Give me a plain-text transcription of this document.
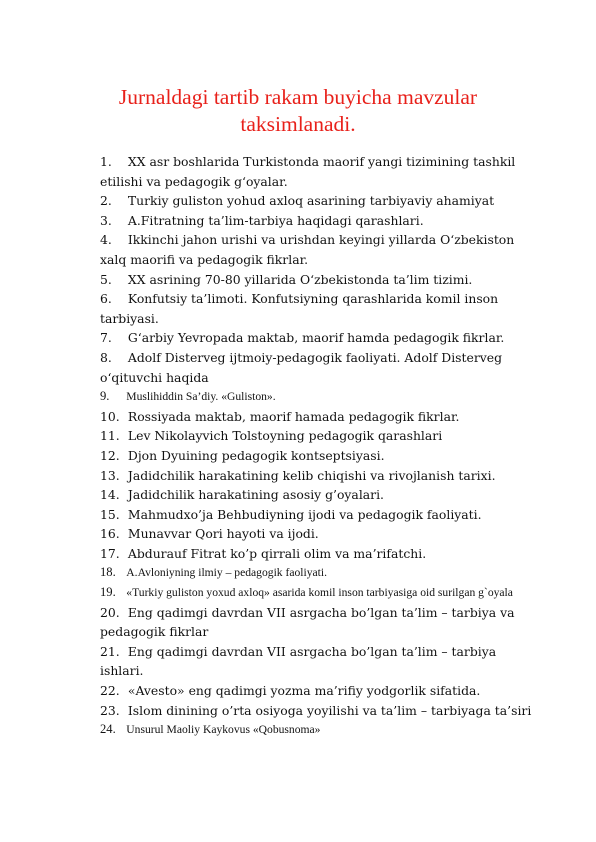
Jurnaldagi tartib rakam buyicha mavzular taksimlanadi.
1. XX asr boshlarida Turkistonda maorif yangi tizimining tashkil etilishi va pedagogik g‘oyalar.
2. Turkiy guliston yohud axloq asarining tarbiyaviy ahamiyat
3. A.Fitratning ta’lim-tarbiya haqidagi qarashlari.
4. Ikkinchi jahon urishi va urishdan keyingi yillarda O‘zbekiston xalq maorifi va pedagogik fikrlar.
5. XX asrining 70-80 yillarida O‘zbekistonda ta’lim tizimi.
6. Konfutsiy ta’limoti. Konfutsiyning qarashlarida komil inson tarbiyasi.
7. G‘arbiy Yevropada maktab, maorif hamda pedagogik fikrlar.
8. Adolf Disterveg ijtmoiy-pedagogik faoliyati. Adolf Disterveg o‘qituvchi haqida
9. Muslihiddin Sa’diy. «Guliston».
10. Rossiyada maktab, maorif hamada pedagogik fikrlar.
11. Lev Nikolayvich Tolstoyning pedagogik qarashlari
12. Djon Dyuining pedagogik kontseptsiyasi.
13. Jadidchilik harakatining kelib chiqishi va rivojlanish tarixi.
14. Jadidchilik harakatining asosiy g’oyalari.
15. Mahmudxo’ja Behbudiyning ijodi va pedagogik faoliyati.
16. Munavvar Qori hayoti va ijodi.
17. Abdurauf Fitrat ko’p qirrali olim va ma’rifatchi.
18. A.Avloniyning ilmiy – pedagogik faoliyati.
19. «Turkiy guliston yoxud axloq» asarida komil inson tarbiyasiga oid surilgan g`oyala
20. Eng qadimgi davrdan VII asrgacha bo’lgan ta’lim – tarbiya va pedagogik fikrlar
21. Eng qadimgi davrdan VII asrgacha bo’lgan ta’lim – tarbiya ishlari.
22. «Avesto» eng qadimgi yozma ma’rifiy yodgorlik sifatida.
23. Islom dinining o’rta osiyoga yoyilishi va ta’lim – tarbiyaga ta’siri
24. Unsurul Maoliy Kaykovus «Qobusnoma»
